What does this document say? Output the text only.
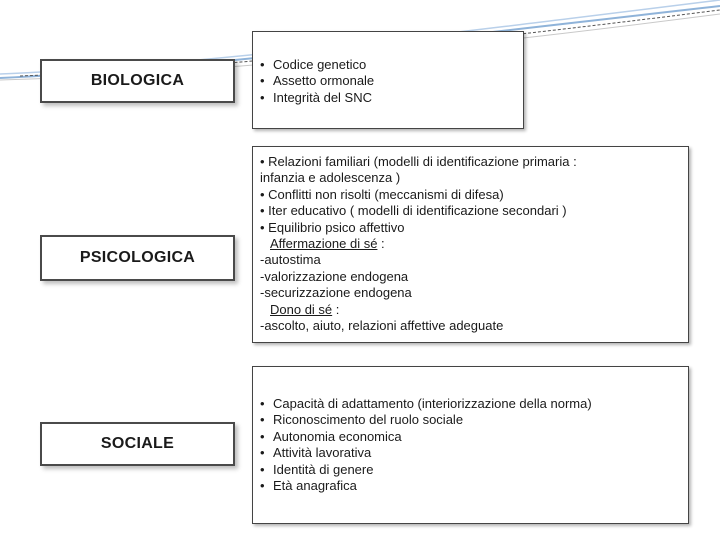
BIOLOGICA
• Codice genetico
• Assetto ormonale
• Integrità del SNC
PSICOLOGICA
• Relazioni familiari (modelli di identificazione primaria :
infanzia e adolescenza )
• Conflitti non risolti (meccanismi di difesa)
• Iter educativo ( modelli di identificazione secondari )
• Equilibrio psico affettivo
Affermazione di sé :
-autostima
-valorizzazione endogena
-securizzazione endogena
Dono di sé :
-ascolto, aiuto, relazioni affettive adeguate
SOCIALE
• Capacità di adattamento (interiorizzazione della norma)
• Riconoscimento del ruolo sociale
• Autonomia economica
• Attività lavorativa
• Identità di genere
• Età anagrafica
